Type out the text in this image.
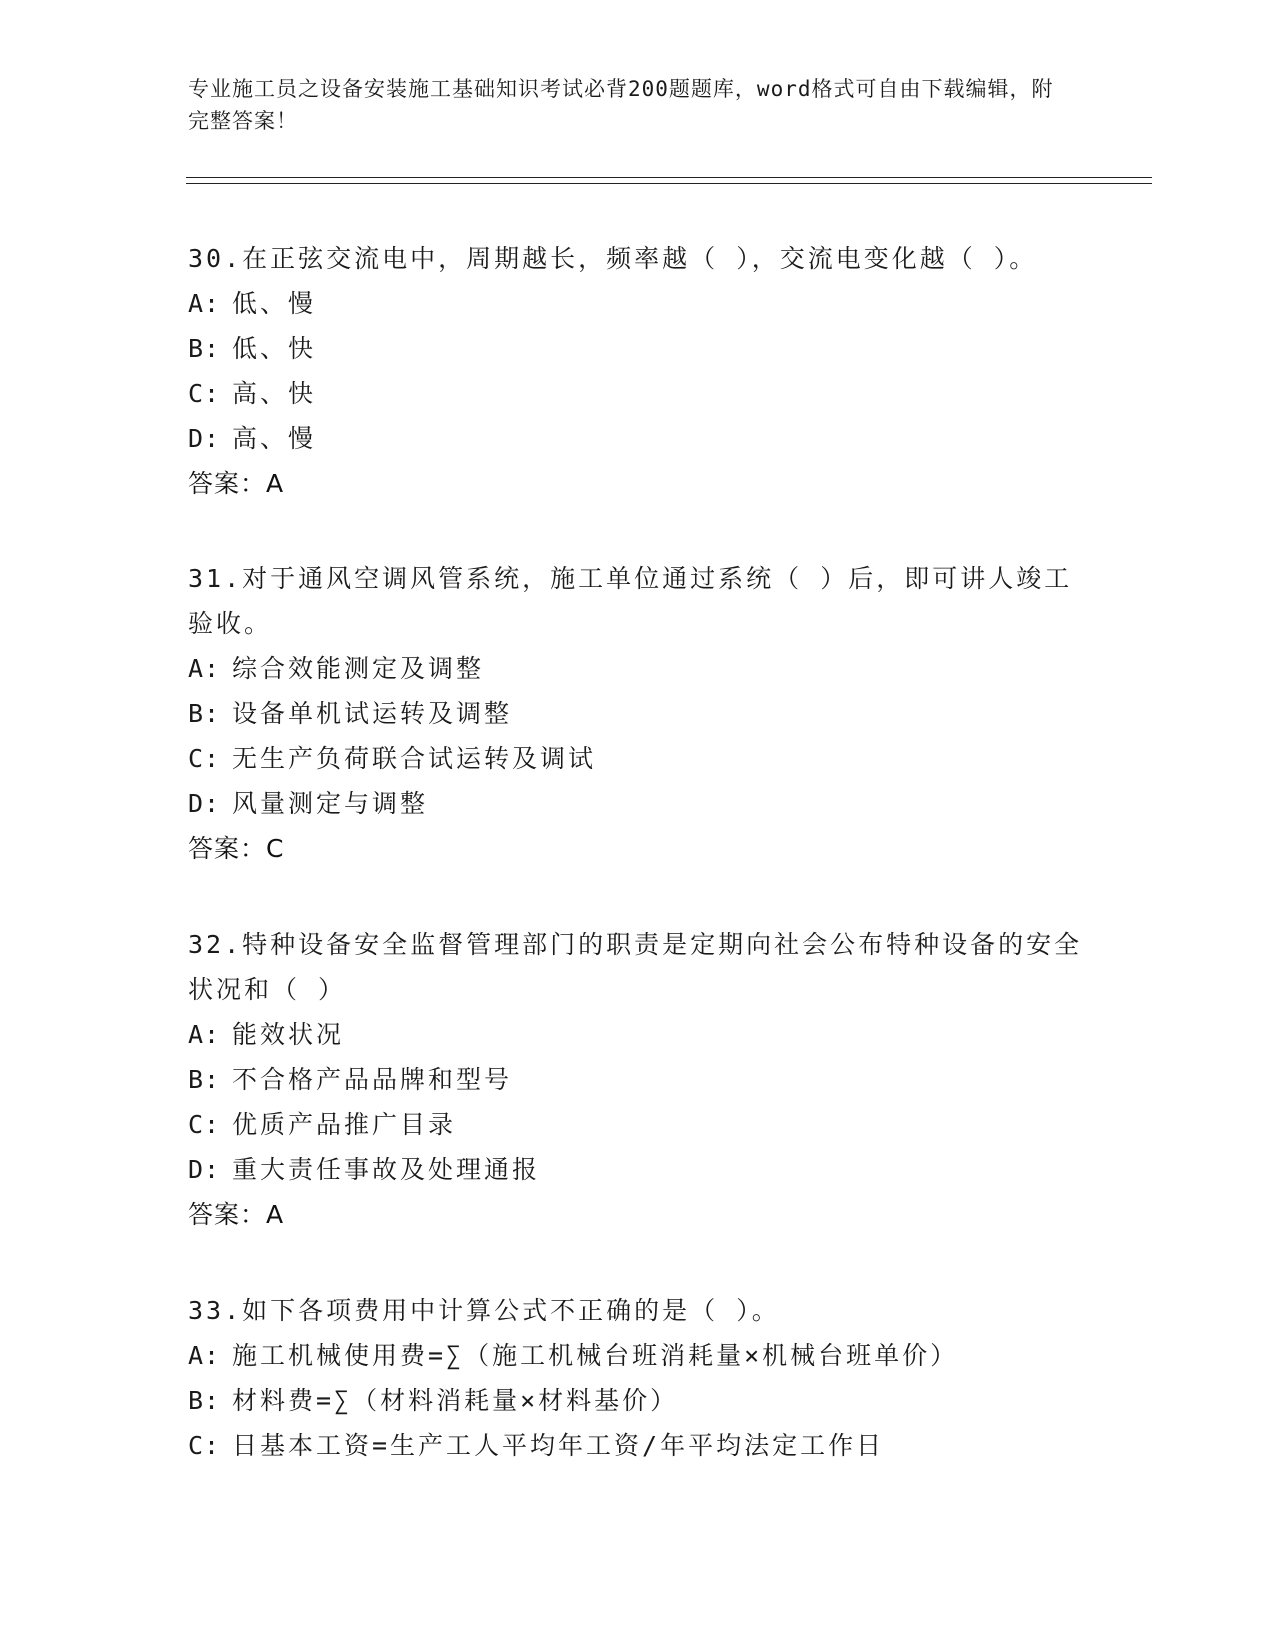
专业施工员之设备安装施工基础知识考试必背200题题库，word格式可自由下载编辑，附完整答案！

30.在正弦交流电中，周期越长，频率越（ ），交流电变化越（ ）。

A: 低、慢

B: 低、快

C: 高、快

D: 高、慢

答案：A

31.对于通风空调风管系统，施工单位通过系统（ ）后，即可讲人竣工验收。

A: 综合效能测定及调整

B: 设备单机试运转及调整

C: 无生产负荷联合试运转及调试

D: 风量测定与调整

答案：C

32.特种设备安全监督管理部门的职责是定期向社会公布特种设备的安全状况和（ ）

A: 能效状况

B: 不合格产品品牌和型号

C: 优质产品推广目录

D: 重大责任事故及处理通报

答案：A

33.如下各项费用中计算公式不正确的是（ ）。

A: 施工机械使用费=∑（施工机械台班消耗量×机械台班单价）

B: 材料费=∑（材料消耗量×材料基价）

C: 日基本工资=生产工人平均年工资/年平均法定工作日
